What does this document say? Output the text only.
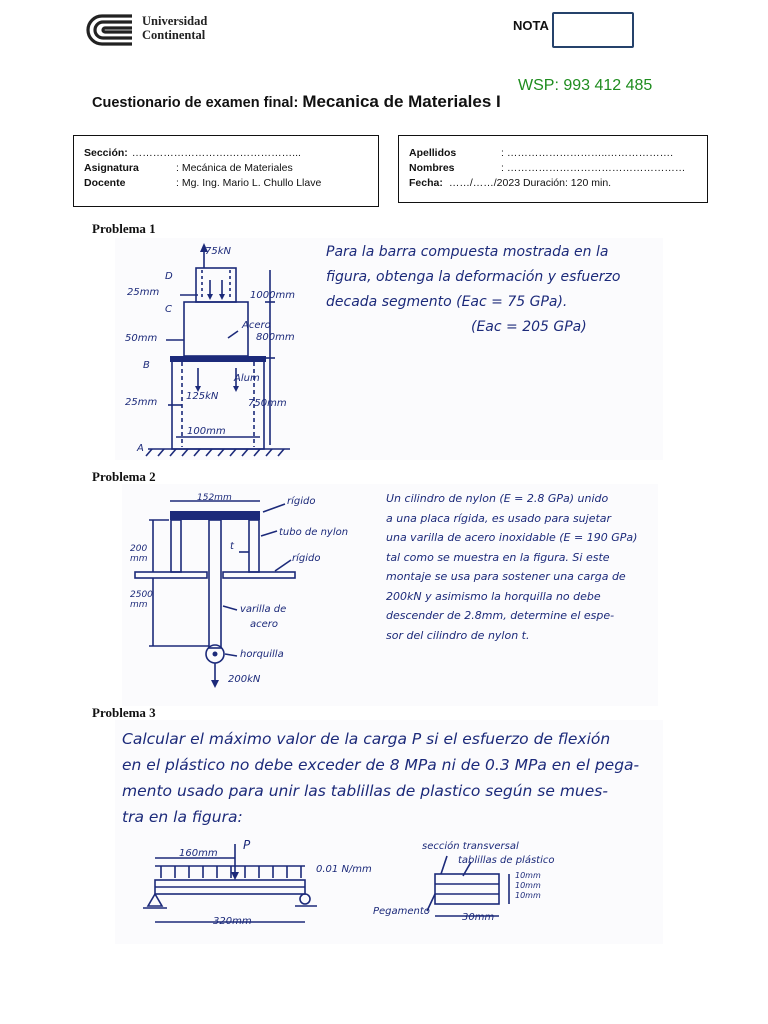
Universidad
Continental
NOTA
WSP: 993 412 485
Cuestionario de examen final: Mecanica de Materiales I
Sección: ……………………….………………...
Asignatura	: Mecánica de Materiales
Docente	: Mg. Ing. Mario L. Chullo Llave
Apellidos	: ………………………..……………….
Nombres	: ……………………………………………
Fecha: ……/……/2023 Duración: 120 min.
Problema 1
75kN
D
C
B
A
25mm	1000mm
Acero
50mm	800mm
Alum
125kN
25mm	750mm
100mm
Para la barra compuesta mostrada en la
figura, obtenga la deformación y esfuerzo
decada segmento (Eac = 75 GPa).
(Eac = 205 GPa)
Problema 2
152mm	rígido
tubo de nylon
t
rígido
200 mm
2500 mm	varilla de
acero
horquilla
200kN
Un cilindro de nylon (E = 2.8 GPa) unido
a una placa rígida, es usado para sujetar
una varilla de acero inoxidable (E = 190 GPa)
tal como se muestra en la figura. Si este
montaje se usa para sostener una carga de
200kN y asimismo la horquilla no debe
descender de 2.8mm, determine el espe-
sor del cilindro de nylon t.
Problema 3
Calcular el máximo valor de la carga P si el esfuerzo de flexión
en el plástico no debe exceder de 8 MPa ni de 0.3 MPa en el pega-
mento usado para unir las tablillas de plastico según se mues-
tra en la figura:
160mm
P
0.01 N/mm
320mm
sección transversal
tablillas de plástico
10mm
10mm
10mm
Pegamento
30mm
